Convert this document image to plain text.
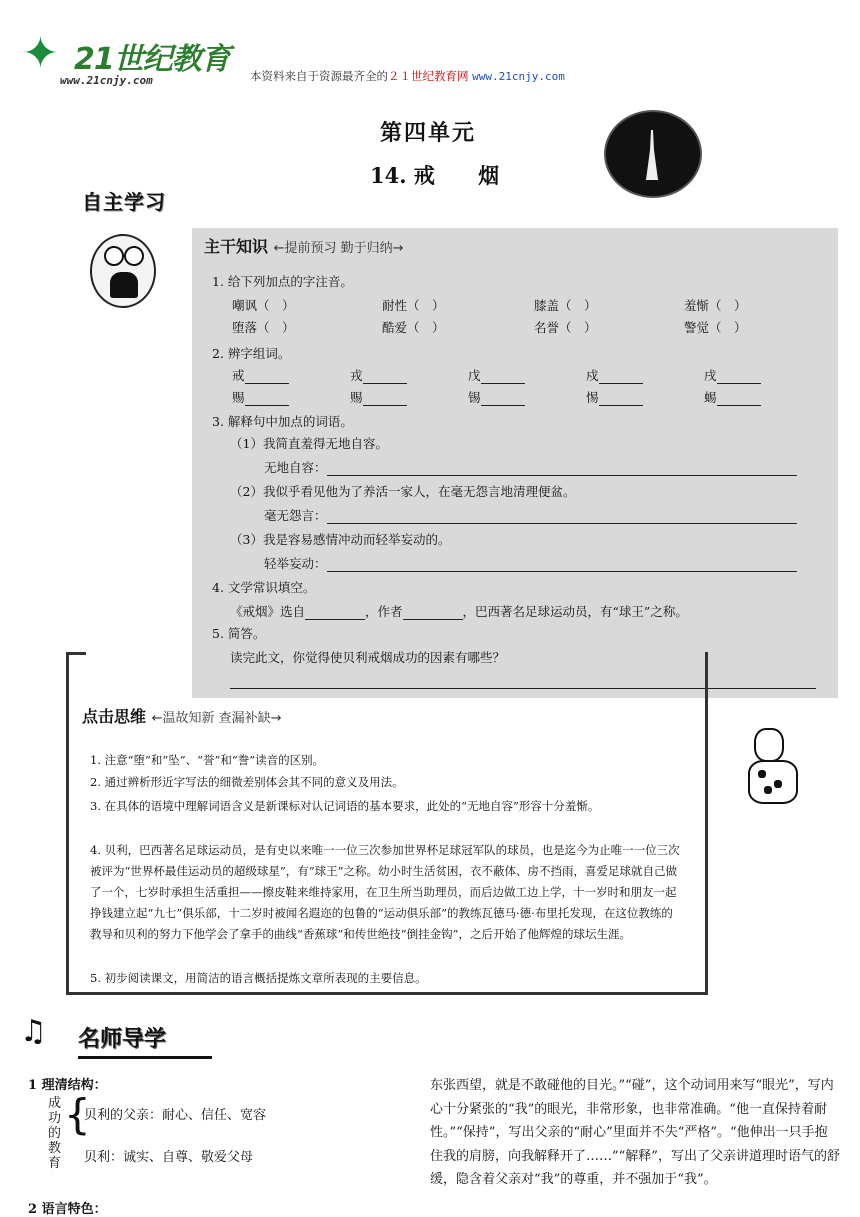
✦ 21世纪教育
www.21cnjy.com	本资料来自于资源最齐全的２１世纪教育网 www.21cnjy.com
第四单元
14. 戒 烟
自主学习
主干知识 ←提前预习 勤于归纳→
1. 给下列加点的字注音。
嘲讽（　）	耐性（　）	膝盖（　）	羞惭（　）
堕落（　）	酷爱（　）	名誉（　）	警觉（　）
2. 辨字组词。
戒	戎	戊	戍	戌
赐	赐	锡	惕	蜴
3. 解释句中加点的词语。
（1）我简直羞得无地自容。
无地自容：
（2）我似乎看见他为了养活一家人，在毫无怨言地清理便盆。
毫无怨言：
（3）我是容易感情冲动而轻举妄动的。
轻举妄动：
4. 文学常识填空。
《戒烟》选自	，作者	，巴西著名足球运动员，有“球王”之称。
5. 简答。
读完此文，你觉得使贝利戒烟成功的因素有哪些？
点击思维 ←温故知新 查漏补缺→
1. 注意“堕”和“坠”、“誉”和“誊”读音的区别。
2. 通过辨析形近字写法的细微差别体会其不同的意义及用法。
3. 在具体的语境中理解词语含义是新课标对认记词语的基本要求，此处的“无地自容”形容十分羞惭。
4. 贝利，巴西著名足球运动员，是有史以来唯一一位三次参加世界杯足球冠军队的球员，也是迄今为止唯一一位三次被评为“世界杯最佳运动员的超级球星”，有“球王”之称。幼小时生活贫困，衣不蔽体、房不挡雨，喜爱足球就自己做了一个，七岁时承担生活重担——擦皮鞋来维持家用，在卫生所当助理员，而后边做工边上学，十一岁时和朋友一起挣钱建立起“九七”俱乐部，十二岁时被闻名遐迩的包鲁的“运动俱乐部”的教练瓦德马·德·布里托发现，在这位教练的教导和贝利的努力下他学会了拿手的曲线“香蕉球”和传世绝技“倒挂金钩”，之后开始了他辉煌的球坛生涯。
5. 初步阅读课文，用简洁的语言概括提炼文章所表现的主要信息。
♫ 名师导学
1 理清结构：
成功的教育
{
贝利的父亲：耐心、信任、宽容
贝利：诚实、自尊、敬爱父母
2 语言特色：
东张西望，就是不敢碰他的目光。”“碰”，这个动词用来写“眼光”，写内心十分紧张的“我”的眼光，非常形象，也非常准确。“他一直保持着耐性。”“保持”，写出父亲的“耐心”里面并不失“严格”。“他伸出一只手抱住我的肩膀，向我解释开了……”“解释”，写出了父亲讲道理时语气的舒缓，隐含着父亲对“我”的尊重，并不强加于“我”。
